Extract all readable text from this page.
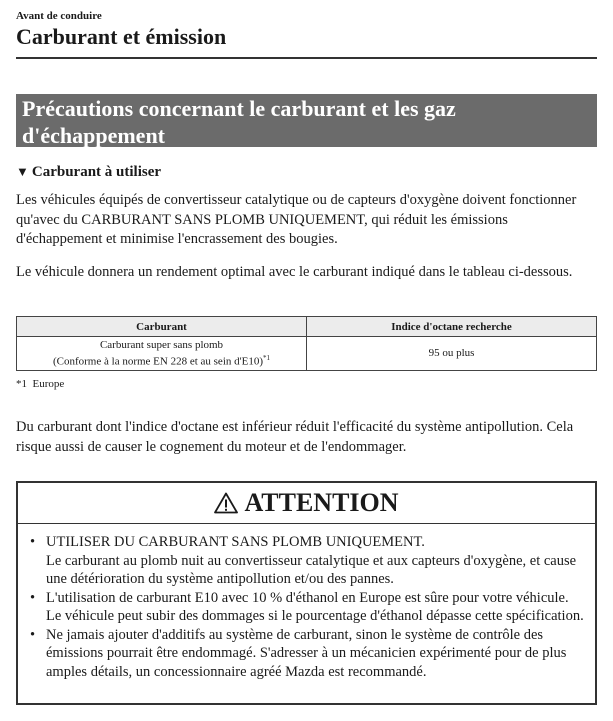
Avant de conduire
Carburant et émission
Précautions concernant le carburant et les gaz d'échappement
▼ Carburant à utiliser
Les véhicules équipés de convertisseur catalytique ou de capteurs d'oxygène doivent fonctionner qu'avec du CARBURANT SANS PLOMB UNIQUEMENT, qui réduit les émissions d'échappement et minimise l'encrassement des bougies.
Le véhicule donnera un rendement optimal avec le carburant indiqué dans le tableau ci-dessous.
Carburant	Indice d'octane recherche

Carburant super sans plomb
(Conforme à la norme EN 228 et au sein d'E10)$^{*1}$	95 ou plus
*1 Europe
Du carburant dont l'indice d'octane est inférieur réduit l'efficacité du système antipollution. Cela risque aussi de causer le cognement du moteur et de l'endommager.
ATTENTION
• UTILISER DU CARBURANT SANS PLOMB UNIQUEMENT.
Le carburant au plomb nuit au convertisseur catalytique et aux capteurs d'oxygène, et cause une détérioration du système antipollution et/ou des pannes.
• L'utilisation de carburant E10 avec 10 % d'éthanol en Europe est sûre pour votre véhicule. Le véhicule peut subir des dommages si le pourcentage d'éthanol dépasse cette spécification.
• Ne jamais ajouter d'additifs au système de carburant, sinon le système de contrôle des émissions pourrait être endommagé. S'adresser à un mécanicien expérimenté pour de plus amples détails, un concessionnaire agréé Mazda est recommandé.
